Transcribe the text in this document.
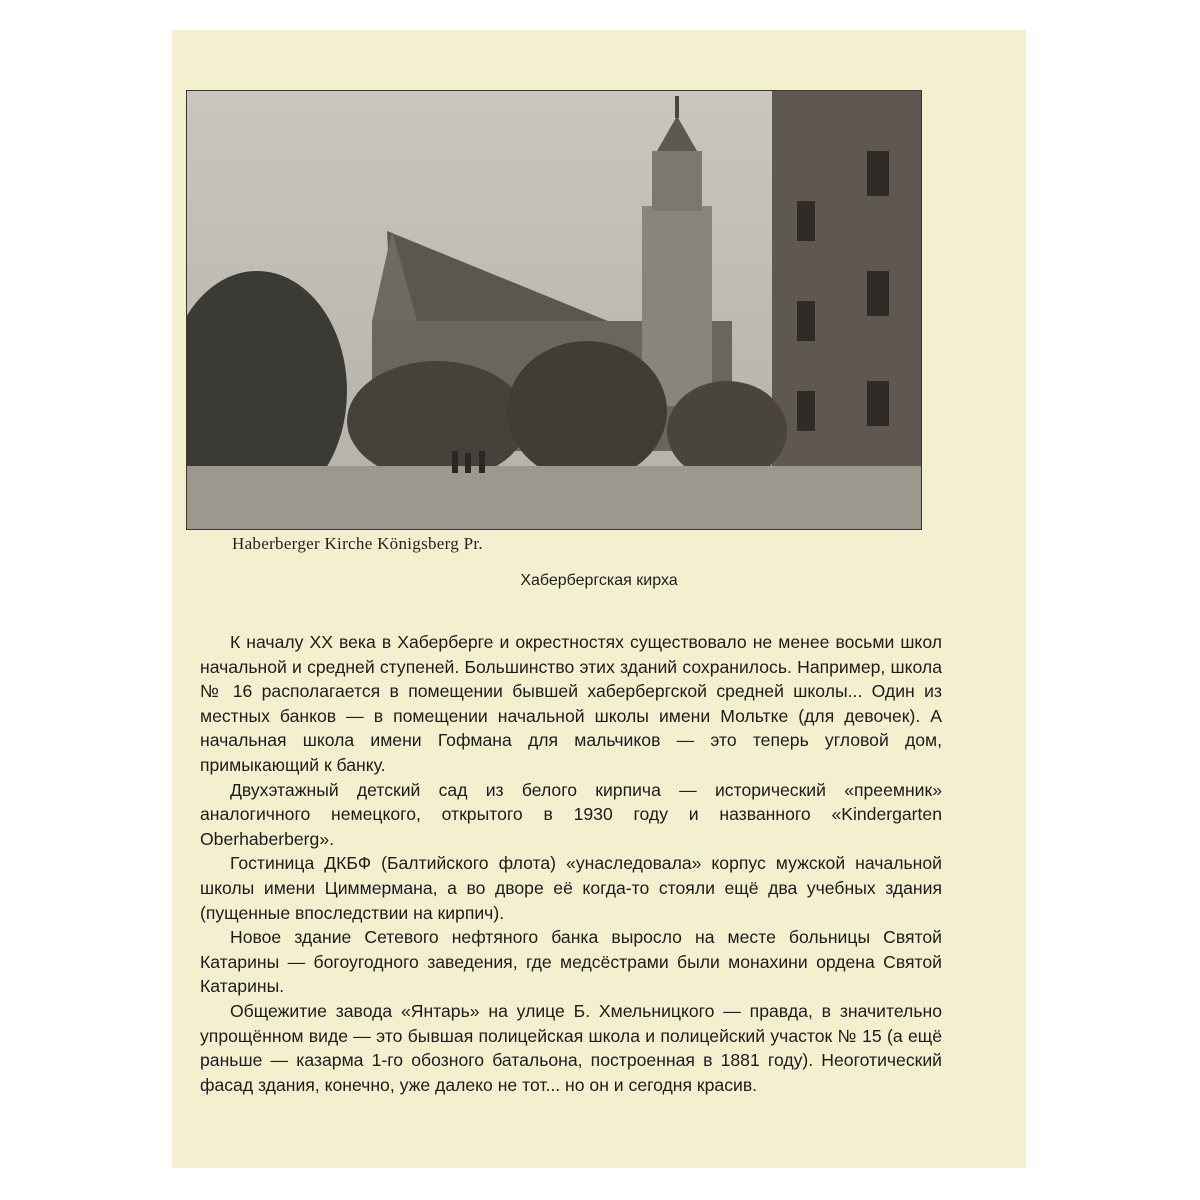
Haberberger Kirche Königsberg Pr.
Хабербергская кирха

К началу XX века в Хаберберге и окрестностях существовало не менее восьми школ начальной и средней ступеней. Большинство этих зданий сохранилось. Например, школа № 16 располагается в помещении бывшей хабербергской средней школы... Один из местных банков — в помещении начальной школы имени Мольтке (для девочек). А начальная школа имени Гофмана для мальчиков — это теперь угловой дом, примыкающий к банку.

Двухэтажный детский сад из белого кирпича — исторический «преемник» аналогичного немецкого, открытого в 1930 году и названного «Kindergarten Oberhaberberg».

Гостиница ДКБФ (Балтийского флота) «унаследовала» корпус мужской начальной школы имени Циммермана, а во дворе её когда-то стояли ещё два учебных здания (пущенные впоследствии на кирпич).

Новое здание Сетевого нефтяного банка выросло на месте больницы Святой Катарины — богоугодного заведения, где медсёстрами были монахини ордена Святой Катарины.

Общежитие завода «Янтарь» на улице Б. Хмельницкого — правда, в значительно упрощённом виде — это бывшая полицейская школа и полицейский участок № 15 (а ещё раньше — казарма 1-го обозного батальона, построенная в 1881 году). Неоготический фасад здания, конечно, уже далеко не тот... но он и сегодня красив.
